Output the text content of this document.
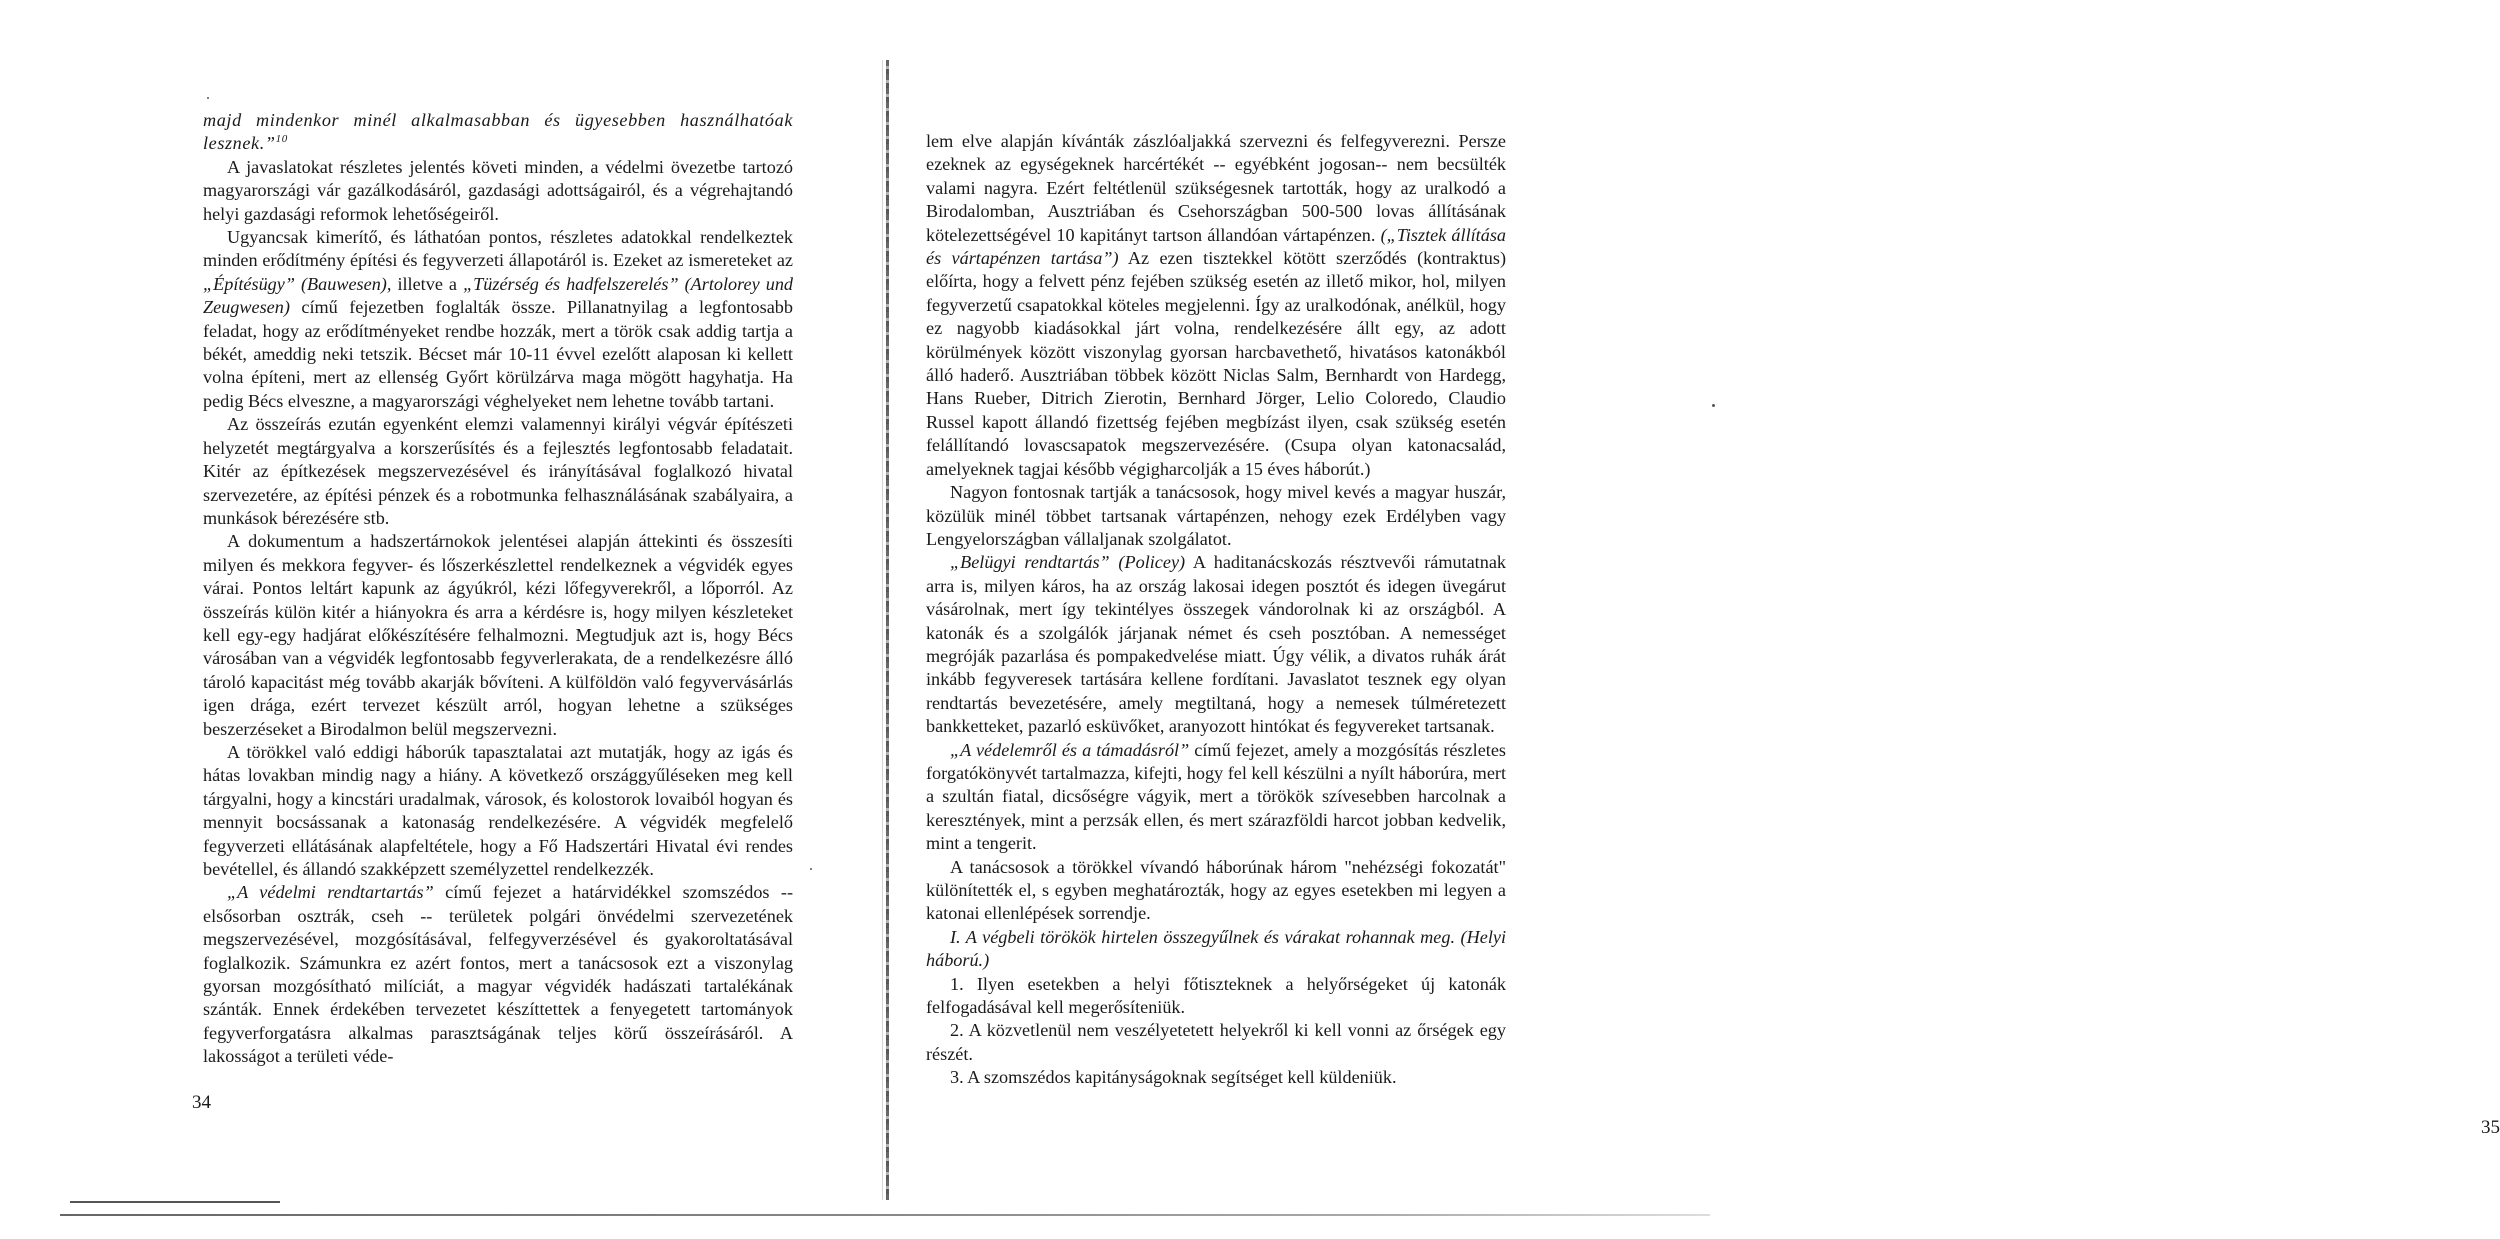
majd mindenkor minél alkalmasabban és ügyesebben használhatóak lesznek.”$^{10}$

A javaslatokat részletes jelentés követi minden, a védelmi övezetbe tartozó magyarországi vár gazálkodásáról, gazdasági adottságairól, és a végrehajtandó helyi gazdasági reformok lehetőségeiről.

Ugyancsak kimerítő, és láthatóan pontos, részletes adatokkal rendelkeztek minden erődítmény építési és fegyverzeti állapotáról is. Ezeket az ismereteket az „Építésügy” (Bauwesen), illetve a „Tüzérség és hadfelszerelés” (Artolorey und Zeugwesen) című fejezetben foglalták össze. Pillanatnyilag a legfontosabb feladat, hogy az erődítményeket rendbe hozzák, mert a török csak addig tartja a békét, ameddig neki tetszik. Bécset már 10-11 évvel ezelőtt alaposan ki kellett volna építeni, mert az ellenség Győrt körülzárva maga mögött hagyhatja. Ha pedig Bécs elveszne, a magyarországi véghelyeket nem lehetne tovább tartani.

Az összeírás ezután egyenként elemzi valamennyi királyi végvár építészeti helyzetét megtárgyalva a korszerűsítés és a fejlesztés legfontosabb feladatait. Kitér az építkezések megszervezésével és irányításával foglalkozó hivatal szervezetére, az építési pénzek és a robotmunka felhasználásának szabályaira, a munkások bérezésére stb.

A dokumentum a hadszertárnokok jelentései alapján áttekinti és összesíti milyen és mekkora fegyver- és lőszerkészlettel rendelkeznek a végvidék egyes várai. Pontos leltárt kapunk az ágyúkról, kézi lőfegyverekről, a lőporról. Az összeírás külön kitér a hiányokra és arra a kérdésre is, hogy milyen készleteket kell egy-egy hadjárat előkészítésére felhalmozni. Megtudjuk azt is, hogy Bécs városában van a végvidék legfontosabb fegyverlerakata, de a rendelkezésre álló tároló kapacitást még tovább akarják bővíteni. A külföldön való fegyvervásárlás igen drága, ezért tervezet készült arról, hogyan lehetne a szükséges beszerzéseket a Birodalmon belül megszervezni.

A törökkel való eddigi háborúk tapasztalatai azt mutatják, hogy az igás és hátas lovakban mindig nagy a hiány. A következő országgyűléseken meg kell tárgyalni, hogy a kincstári uradalmak, városok, és kolostorok lovaiból hogyan és mennyit bocsássanak a katonaság rendelkezésére. A végvidék megfelelő fegyverzeti ellátásának alapfeltétele, hogy a Fő Hadszertári Hivatal évi rendes bevétellel, és állandó szakképzett személyzettel rendelkezzék.

„A védelmi rendtartartás” című fejezet a határvidékkel szomszédos -- elsősorban osztrák, cseh -- területek polgári önvédelmi szervezetének megszervezésével, mozgósításával, felfegyverzésével és gyakoroltatásával foglalkozik. Számunkra ez azért fontos, mert a tanácsosok ezt a viszonylag gyorsan mozgósítható milíciát, a magyar végvidék hadászati tartalékának szánták. Ennek érdekében tervezetet készíttettek a fenyegetett tartományok fegyverforgatásra alkalmas parasztságának teljes körű összeírásáról. A lakosságot a területi véde-

34
35

lem elve alapján kívánták zászlóaljakká szervezni és felfegyverezni. Persze ezeknek az egységeknek harcértékét -- egyébként jogosan-- nem becsülték valami nagyra. Ezért feltétlenül szükségesnek tartották, hogy az uralkodó a Birodalomban, Ausztriában és Csehországban 500-500 lovas állításának kötelezettségével 10 kapitányt tartson állandóan vártapénzen. („Tisztek állítása és vártapénzen tartása”) Az ezen tisztekkel kötött szerződés (kontraktus) előírta, hogy a felvett pénz fejében szükség esetén az illető mikor, hol, milyen fegyverzetű csapatokkal köteles megjelenni. Így az uralkodónak, anélkül, hogy ez nagyobb kiadásokkal járt volna, rendelkezésére állt egy, az adott körülmények között viszonylag gyorsan harcbavethető, hivatásos katonákból álló haderő. Ausztriában többek között Niclas Salm, Bernhardt von Hardegg, Hans Rueber, Ditrich Zierotin, Bernhard Jörger, Lelio Coloredo, Claudio Russel kapott állandó fizettség fejében megbízást ilyen, csak szükség esetén felállítandó lovascsapatok megszervezésére. (Csupa olyan katonacsalád, amelyeknek tagjai később végigharcolják a 15 éves háborút.)

Nagyon fontosnak tartják a tanácsosok, hogy mivel kevés a magyar huszár, közülük minél többet tartsanak vártapénzen, nehogy ezek Erdélyben vagy Lengyelországban vállaljanak szolgálatot.

„Belügyi rendtartás” (Policey) A haditanácskozás résztvevői rámutatnak arra is, milyen káros, ha az ország lakosai idegen posztót és idegen üvegárut vásárolnak, mert így tekintélyes összegek vándorolnak ki az országból. A katonák és a szolgálók járjanak német és cseh posztóban. A nemességet megróják pazarlása és pompakedvelése miatt. Úgy vélik, a divatos ruhák árát inkább fegyveresek tartására kellene fordítani. Javaslatot tesznek egy olyan rendtartás bevezetésére, amely megtiltaná, hogy a nemesek túlméretezett bankketteket, pazarló esküvőket, aranyozott hintókat és fegyvereket tartsanak.

„A védelemről és a támadásról” című fejezet, amely a mozgósítás részletes forgatókönyvét tartalmazza, kifejti, hogy fel kell készülni a nyílt háborúra, mert a szultán fiatal, dicsőségre vágyik, mert a törökök szívesebben harcolnak a keresztények, mint a perzsák ellen, és mert szárazföldi harcot jobban kedvelik, mint a tengerit.

A tanácsosok a törökkel vívandó háborúnak három "nehézségi fokozatát" különítették el, s egyben meghatározták, hogy az egyes esetekben mi legyen a katonai ellenlépések sorrendje.

I. A végbeli törökök hirtelen összegyűlnek és várakat rohannak meg. (Helyi háború.)

1. Ilyen esetekben a helyi főtiszteknek a helyőrségeket új katonák felfogadásával kell megerősíteniük.

2. A közvetlenül nem veszélyetetett helyekről ki kell vonni az őrségek egy részét.

3. A szomszédos kapitányságoknak segítséget kell küldeniük.
